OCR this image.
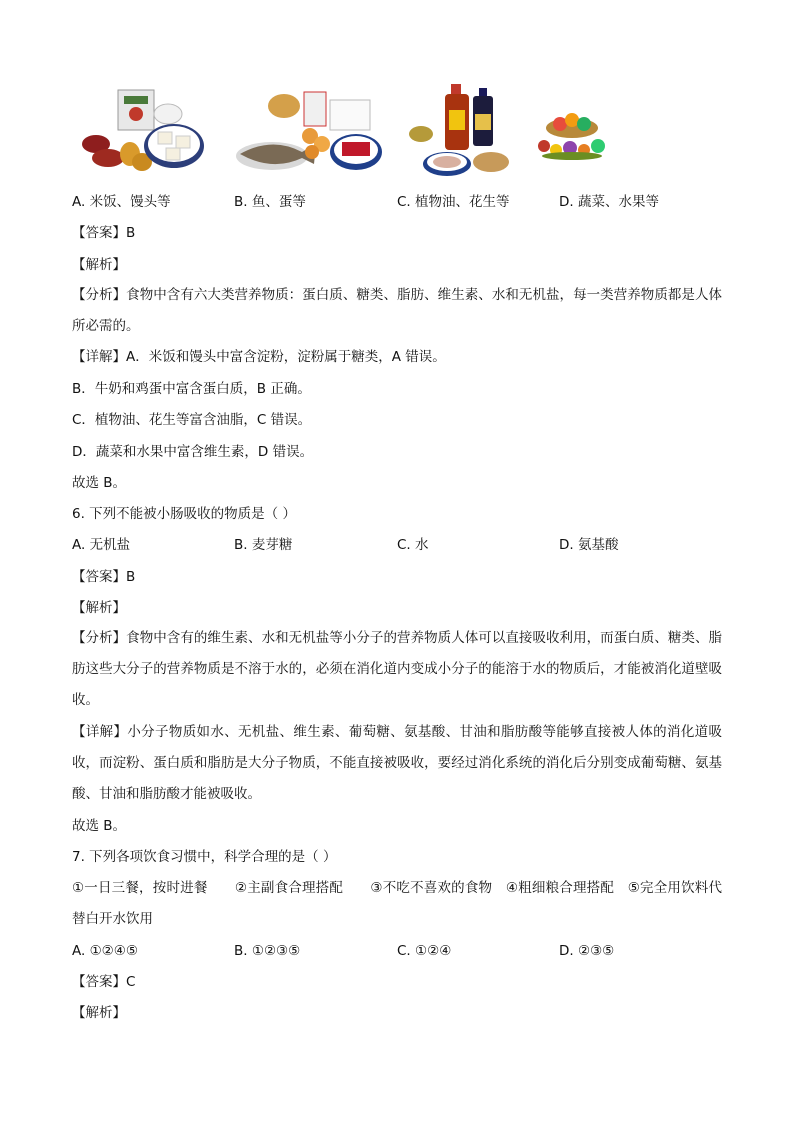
A. 米饭、馒头等	B. 鱼、蛋等	C. 植物油、花生等	D. 蔬菜、水果等
【答案】B
【解析】
【分析】食物中含有六大类营养物质：蛋白质、糖类、脂肪、维生素、水和无机盐，每一类营养物质都是人体所必需的。
【详解】A．米饭和馒头中富含淀粉，淀粉属于糖类，A 错误。
B．牛奶和鸡蛋中富含蛋白质，B 正确。
C．植物油、花生等富含油脂，C 错误。
D．蔬菜和水果中富含维生素，D 错误。
故选 B。
6. 下列不能被小肠吸收的物质是（ ）
A. 无机盐	B. 麦芽糖	C. 水	D. 氨基酸
【答案】B
【解析】
【分析】食物中含有的维生素、水和无机盐等小分子的营养物质人体可以直接吸收利用，而蛋白质、糖类、脂肪这些大分子的营养物质是不溶于水的，必须在消化道内变成小分子的能溶于水的物质后，才能被消化道壁吸收。
【详解】小分子物质如水、无机盐、维生素、葡萄糖、氨基酸、甘油和脂肪酸等能够直接被人体的消化道吸收，而淀粉、蛋白质和脂肪是大分子物质，不能直接被吸收，要经过消化系统的消化后分别变成葡萄糖、氨基酸、甘油和脂肪酸才能被吸收。
故选 B。
7. 下列各项饮食习惯中，科学合理的是（ ）
①一日三餐，按时进餐　　②主副食合理搭配　　③不吃不喜欢的食物　④粗细粮合理搭配　⑤完全用饮料代替白开水饮用
A. ①②④⑤	B. ①②③⑤	C. ①②④	D. ②③⑤
【答案】C
【解析】
